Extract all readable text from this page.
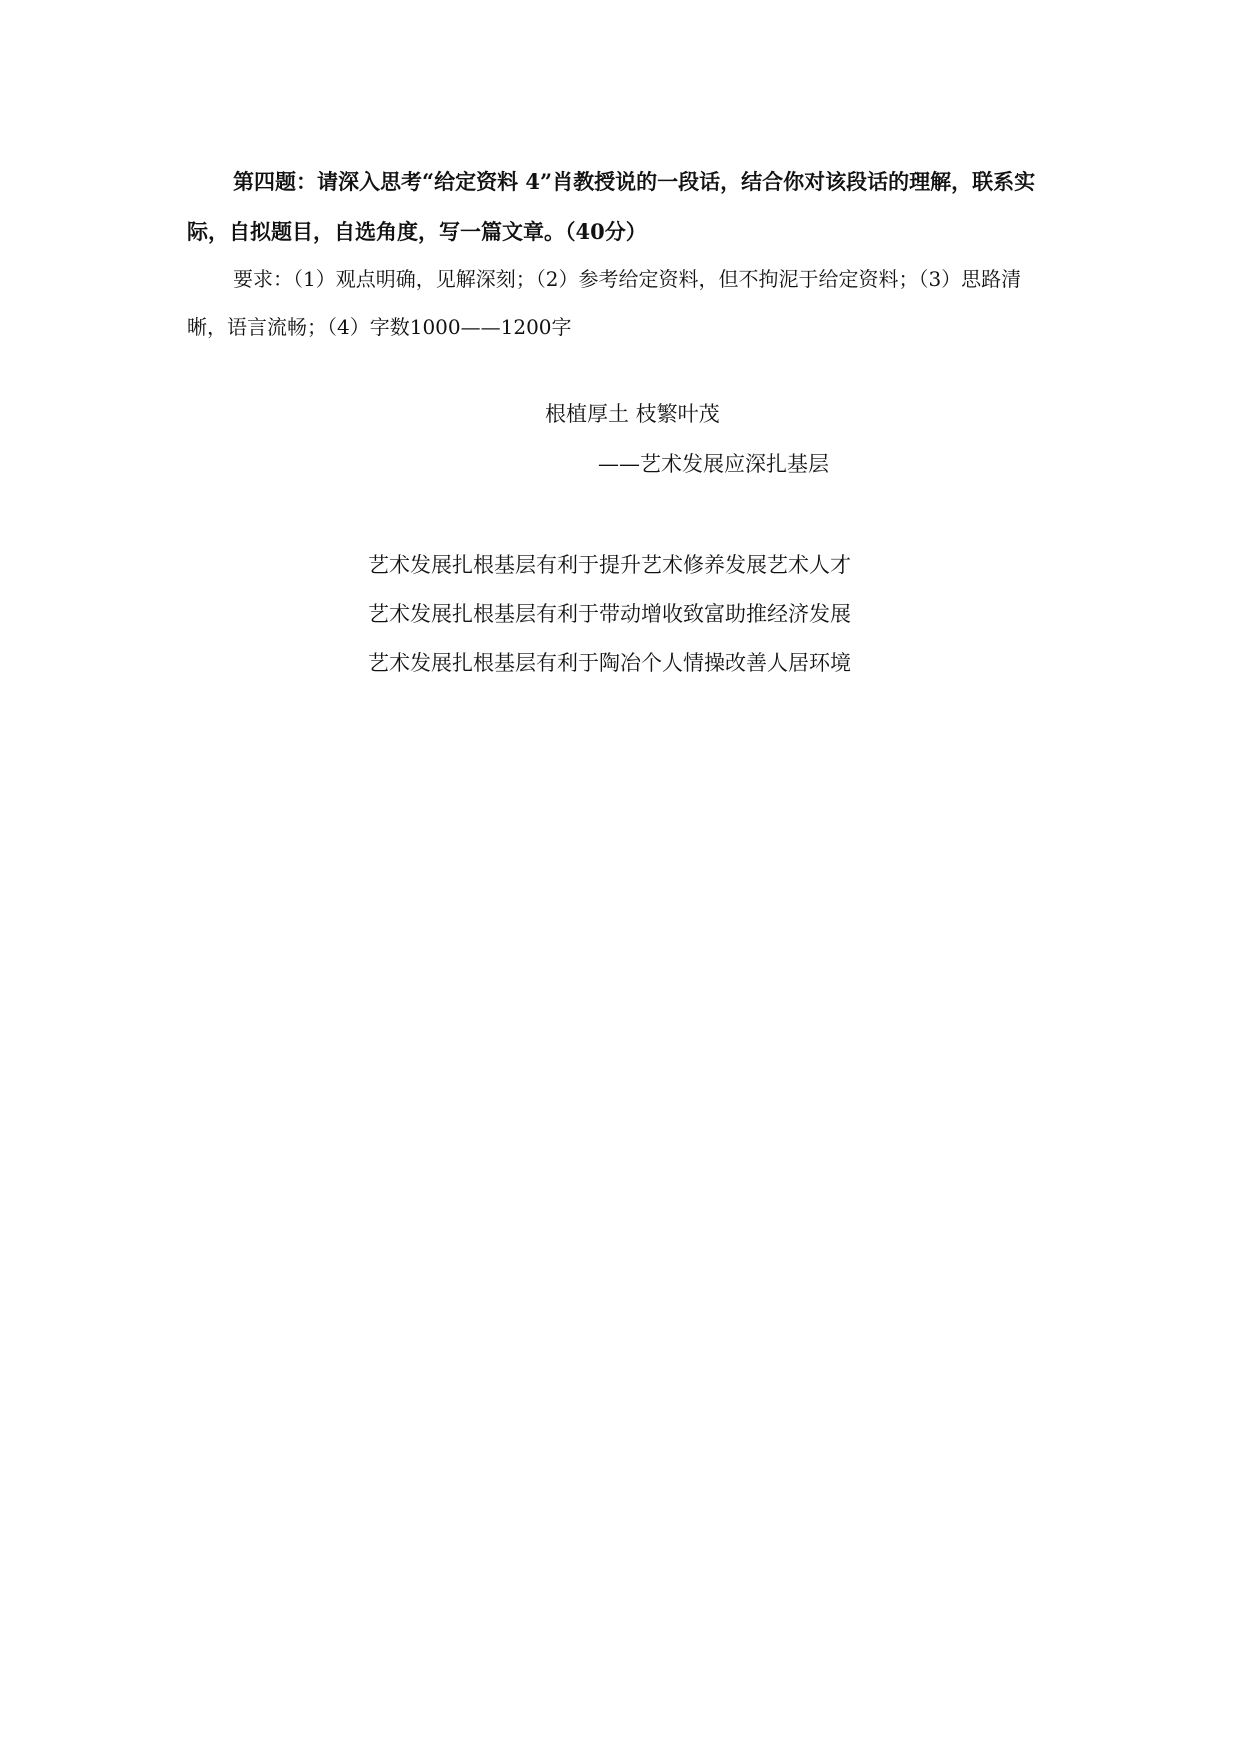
第四题：请深入思考“给定资料 4”肖教授说的一段话，结合你对该段话的理解，联系实际，自拟题目，自选角度，写一篇文章。（40分）

要求：（1）观点明确，见解深刻；（2）参考给定资料，但不拘泥于给定资料；（3）思路清晰，语言流畅；（4）字数1000——1200字

根植厚土 枝繁叶茂

——艺术发展应深扎基层

艺术发展扎根基层有利于提升艺术修养发展艺术人才
艺术发展扎根基层有利于带动增收致富助推经济发展
艺术发展扎根基层有利于陶冶个人情操改善人居环境
